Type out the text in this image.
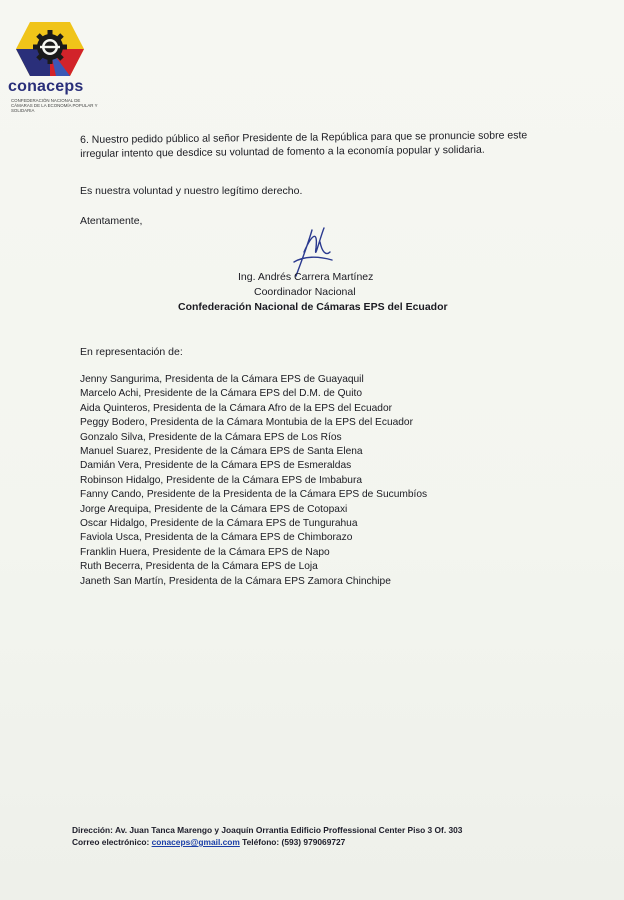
conaceps
CONFEDERACIÓN NACIONAL DE CÁMARAS DE LA ECONOMÍA POPULAR Y SOLIDARIA
6. Nuestro pedido público al señor Presidente de la República para que se pronuncie sobre este irregular intento que desdice su voluntad de fomento a la economía popular y solidaria.
Es nuestra voluntad y nuestro legítimo derecho.
Atentamente,
Ing. Andrés Carrera Martínez
Coordinador Nacional
Confederación Nacional de Cámaras EPS del Ecuador
En representación de:
Jenny Sangurima, Presidenta de la Cámara EPS de Guayaquil
Marcelo Achi, Presidente de la Cámara EPS del D.M. de Quito
Aida Quinteros, Presidenta de la Cámara Afro de la EPS del Ecuador
Peggy Bodero, Presidenta de la Cámara Montubia de la EPS del Ecuador
Gonzalo Silva, Presidente de la Cámara EPS de Los Ríos
Manuel Suarez, Presidente de la Cámara EPS de Santa Elena
Damián Vera, Presidente de la Cámara EPS de Esmeraldas
Robinson Hidalgo, Presidente de la Cámara EPS de Imbabura
Fanny Cando, Presidente de la Presidenta de la Cámara EPS de Sucumbíos
Jorge Arequipa, Presidente de la Cámara EPS de Cotopaxi
Oscar Hidalgo, Presidente de la Cámara EPS de Tungurahua
Faviola Usca, Presidenta de la Cámara EPS de Chimborazo
Franklin Huera, Presidente de la Cámara EPS de Napo
Ruth Becerra, Presidenta de la Cámara EPS de Loja
Janeth San Martín, Presidenta de la Cámara EPS Zamora Chinchipe
Dirección: Av. Juan Tanca Marengo y Joaquín Orrantia Edificio Proffessional Center Piso 3 Of. 303
Correo electrónico: conaceps@gmail.com Teléfono: (593) 979069727
